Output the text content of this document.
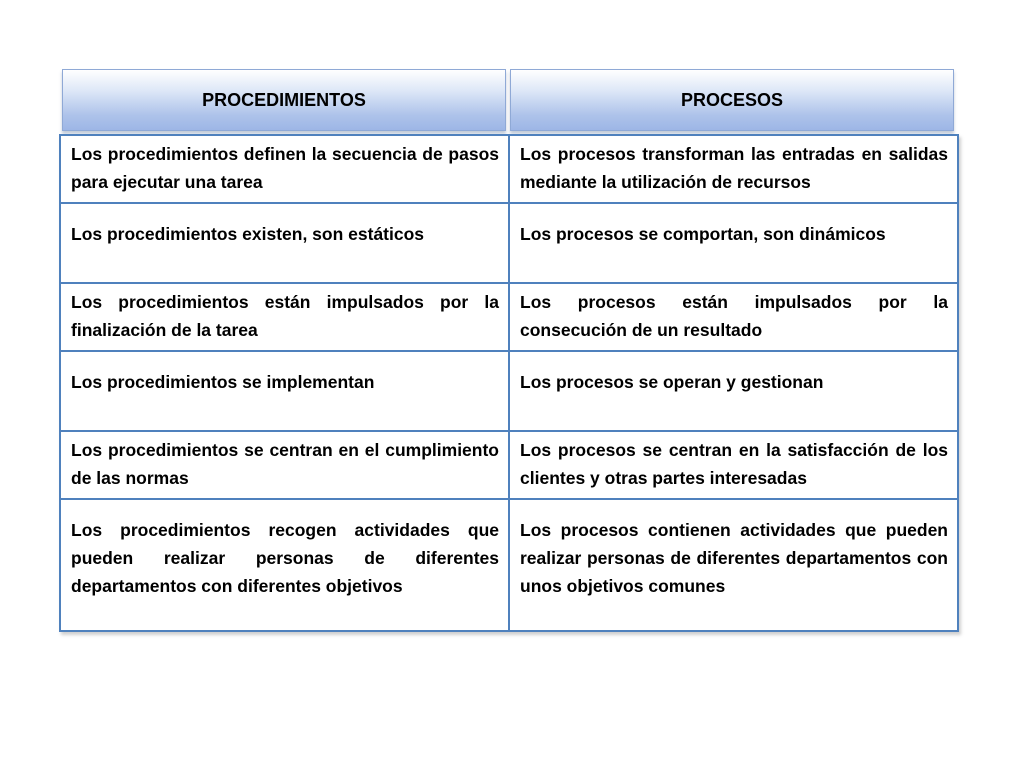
PROCEDIMIENTOS	PROCESOS
Los procedimientos definen la secuencia de pasos para ejecutar una tarea	Los procesos transforman las entradas en salidas mediante la utilización de recursos
Los procedimientos existen, son estáticos	Los procesos se comportan, son dinámicos
Los procedimientos están impulsados por la finalización de la tarea	Los procesos están impulsados por la consecución de un resultado
Los procedimientos se implementan	Los procesos se operan y gestionan
Los procedimientos se centran en el cumplimiento de las normas	Los procesos se centran en la satisfacción de los clientes y otras partes interesadas
Los procedimientos recogen actividades que pueden realizar personas de diferentes departamentos con diferentes objetivos	Los procesos contienen actividades que pueden realizar personas de diferentes departamentos con unos objetivos comunes
